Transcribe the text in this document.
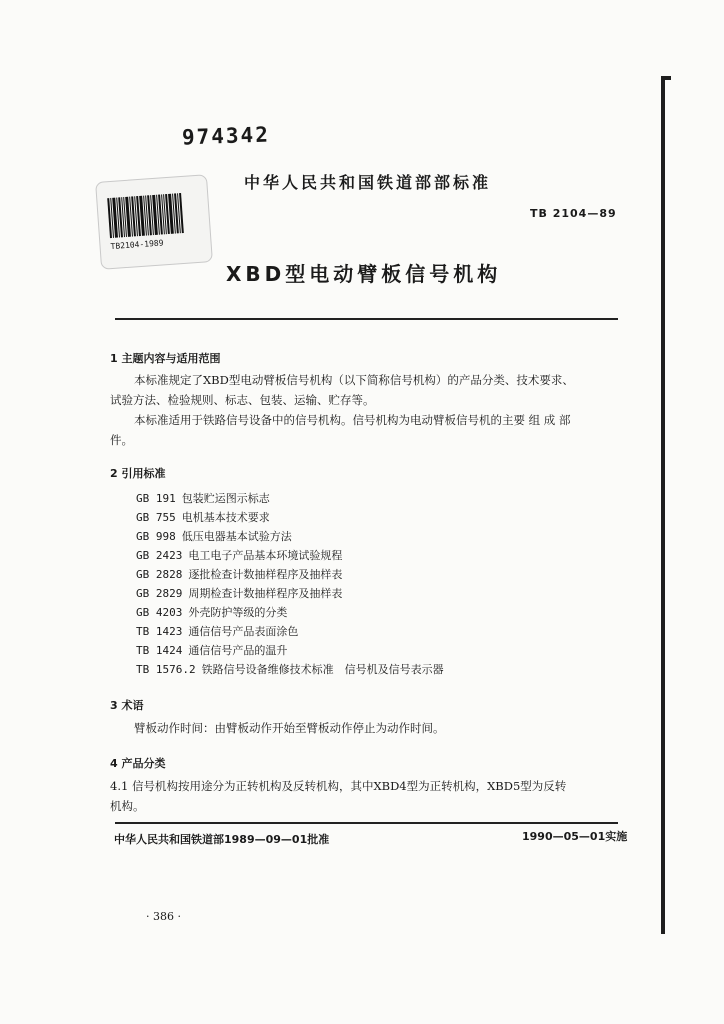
974342
中华人民共和国铁道部部标准
TB 2104—89
TB2104-1989
XBD型电动臂板信号机构
1 主题内容与适用范围
本标准规定了XBD型电动臂板信号机构（以下简称信号机构）的产品分类、技术要求、
试验方法、检验规则、标志、包装、运输、贮存等。
本标准适用于铁路信号设备中的信号机构。信号机构为电动臂板信号机的主要 组 成 部
件。
2 引用标准
GB 191 包装贮运图示标志
GB 755 电机基本技术要求
GB 998 低压电器基本试验方法
GB 2423 电工电子产品基本环境试验规程
GB 2828 逐批检查计数抽样程序及抽样表
GB 2829 周期检查计数抽样程序及抽样表
GB 4203 外壳防护等级的分类
TB 1423 通信信号产品表面涂色
TB 1424 通信信号产品的温升
TB 1576.2 铁路信号设备维修技术标准　信号机及信号表示器
3 术语
臂板动作时间：由臂板动作开始至臂板动作停止为动作时间。
4 产品分类
4.1 信号机构按用途分为正转机构及反转机构，其中XBD4型为正转机构，XBD5型为反转
机构。
中华人民共和国铁道部1989—09—01批准	1990—05—01实施
· 386 ·
